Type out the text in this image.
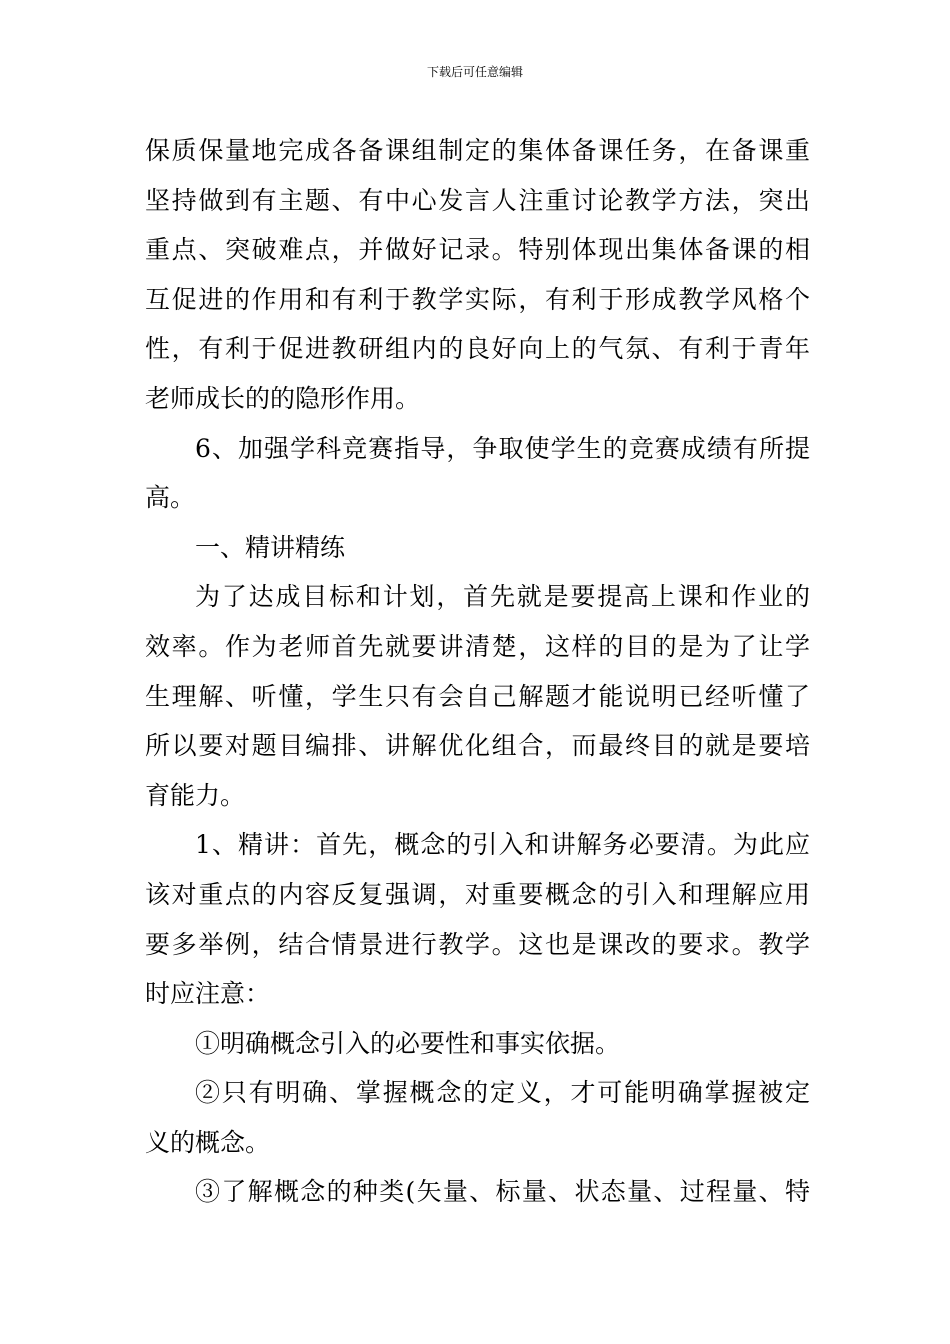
下载后可任意编辑
保质保量地完成各备课组制定的集体备课任务，在备课重
坚持做到有主题、有中心发言人注重讨论教学方法，突出
重点、突破难点，并做好记录。特别体现出集体备课的相
互促进的作用和有利于教学实际，有利于形成教学风格个
性，有利于促进教研组内的良好向上的气氛、有利于青年
老师成长的的隐形作用。
6、加强学科竞赛指导，争取使学生的竞赛成绩有所提
高。
一、精讲精练
为了达成目标和计划，首先就是要提高上课和作业的
效率。作为老师首先就要讲清楚，这样的目的是为了让学
生理解、听懂，学生只有会自己解题才能说明已经听懂了
所以要对题目编排、讲解优化组合，而最终目的就是要培
育能力。
1、精讲：首先，概念的引入和讲解务必要清。为此应
该对重点的内容反复强调，对重要概念的引入和理解应用
要多举例，结合情景进行教学。这也是课改的要求。教学
时应注意：
①明确概念引入的必要性和事实依据。
②只有明确、掌握概念的定义，才可能明确掌握被定
义的概念。
③了解概念的种类(矢量、标量、状态量、过程量、特
